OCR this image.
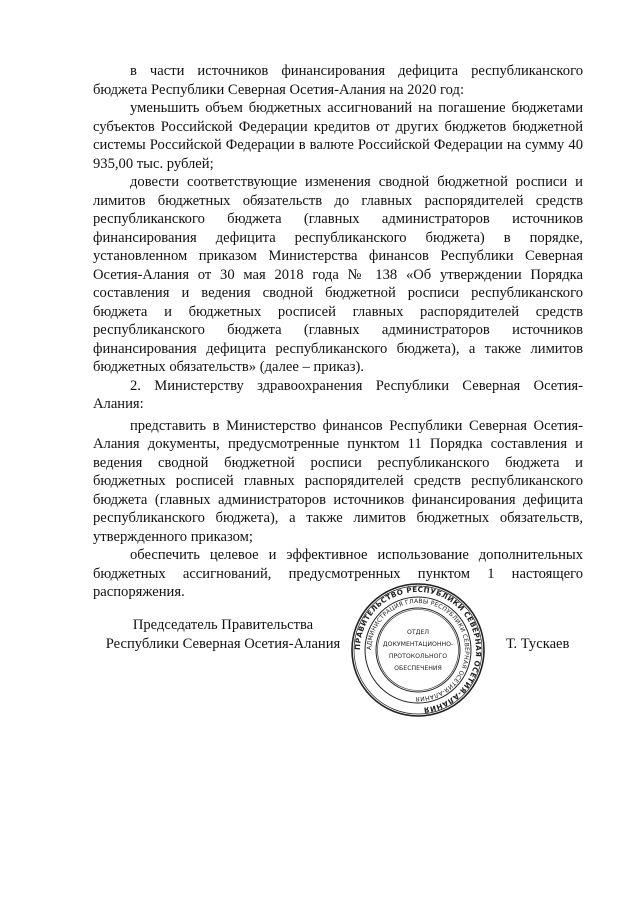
в части источников финансирования дефицита республиканского бюджета Республики Северная Осетия-Алания на 2020 год:

уменьшить объем бюджетных ассигнований на погашение бюджетами субъектов Российской Федерации кредитов от других бюджетов бюджетной системы Российской Федерации в валюте Российской Федерации на сумму 40 935,00 тыс. рублей;

довести соответствующие изменения сводной бюджетной росписи и лимитов бюджетных обязательств до главных распорядителей средств республиканского бюджета (главных администраторов источников финансирования дефицита республиканского бюджета) в порядке, установленном приказом Министерства финансов Республики Северная Осетия-Алания от 30 мая 2018 года № 138 «Об утверждении Порядка составления и ведения сводной бюджетной росписи республиканского бюджета и бюджетных росписей главных распорядителей средств республиканского бюджета (главных администраторов источников финансирования дефицита республиканского бюджета), а также лимитов бюджетных обязательств» (далее – приказ).

2. Министерству здравоохранения Республики Северная Осетия-Алания:

представить в Министерство финансов Республики Северная Осетия-Алания документы, предусмотренные пунктом 11 Порядка составления и ведения сводной бюджетной росписи республиканского бюджета и бюджетных росписей главных распорядителей средств республиканского бюджета (главных администраторов источников финансирования дефицита республиканского бюджета), а также лимитов бюджетных обязательств, утвержденного приказом;

обеспечить целевое и эффективное использование дополнительных бюджетных ассигнований, предусмотренных пунктом 1 настоящего распоряжения.

Председатель Правительства
Республики Северная Осетия-Алания	ПРАВИТЕЛЬСТВО РЕСПУБЛИКИ СЕВЕРНАЯ ОСЕТИЯ-АЛАНИЯ
АДМИНИСТРАЦИЯ ГЛАВЫ РЕСПУБЛИКИ СЕВЕРНАЯ ОСЕТИЯ-АЛАНИЯ
ОТДЕЛ
ДОКУМЕНТАЦИОННО-
ПРОТОКОЛЬНОГО
ОБЕСПЕЧЕНИЯ
Т. Тускаев
